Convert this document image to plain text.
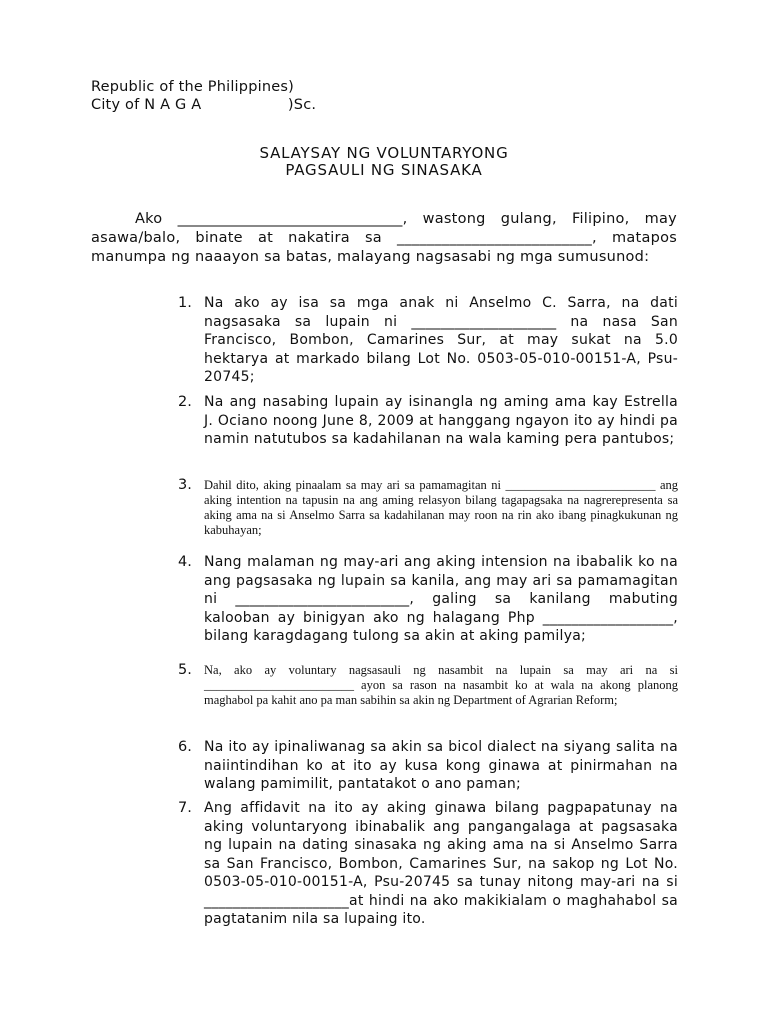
Republic of the Philippines)
City of N A G A                  )Sc.
SALAYSAY NG VOLUNTARYONG
PAGSAULI NG SINASAKA
Ako ______________________________, wastong gulang, Filipino, may asawa/balo, binate at nakatira sa __________________________, matapos manumpa ng naaayon sa batas, malayang nagsasabi ng mga sumusunod:
1. Na ako ay isa sa mga anak ni Anselmo C. Sarra, na dati nagsasaka sa lupain ni ____________________ na nasa San Francisco, Bombon, Camarines Sur, at may sukat na 5.0 hektarya at markado bilang Lot No. 0503-05-010-00151-A, Psu-20745;
2. Na ang nasabing lupain ay isinangla ng aming ama kay Estrella J. Ociano noong June 8, 2009 at hanggang ngayon ito ay hindi pa namin natutubos sa kadahilanan na wala kaming pera pantubos;
3. Dahil dito, aking pinaalam sa may ari sa pamamagitan ni ________________________ ang aking intention na tapusin na ang aming relasyon bilang tagapagsaka na nagrerepresenta sa aking ama na si Anselmo Sarra sa kadahilanan may roon na rin ako ibang pinagkukunan ng kabuhayan;
4. Nang malaman ng may-ari ang aking intension na ibabalik ko na ang pagsasaka ng lupain sa kanila, ang may ari sa pamamagitan ni ________________________, galing sa kanilang mabuting kalooban ay binigyan ako ng halagang Php __________________, bilang karagdagang tulong sa akin at aking pamilya;
5. Na, ako ay voluntary nagsasauli ng nasambit na lupain sa may ari na si ________________________ ayon sa rason na nasambit ko at wala na akong planong maghabol pa kahit ano pa man sabihin sa akin ng Department of Agrarian Reform;
6. Na ito ay ipinaliwanag sa akin sa bicol dialect na siyang salita na naiintindihan ko at ito ay kusa kong ginawa at pinirmahan na walang pamimilit, pantatakot o ano paman;
7. Ang affidavit na ito ay aking ginawa bilang pagpapatunay na aking voluntaryong ibinabalik ang pangangalaga at pagsasaka ng lupain na dating sinasaka ng aking ama na si Anselmo Sarra sa San Francisco, Bombon, Camarines Sur, na sakop ng Lot No. 0503-05-010-00151-A, Psu-20745 sa tunay nitong may-ari na si ____________________at hindi na ako makikialam o maghahabol sa pagtatanim nila sa lupaing ito.
